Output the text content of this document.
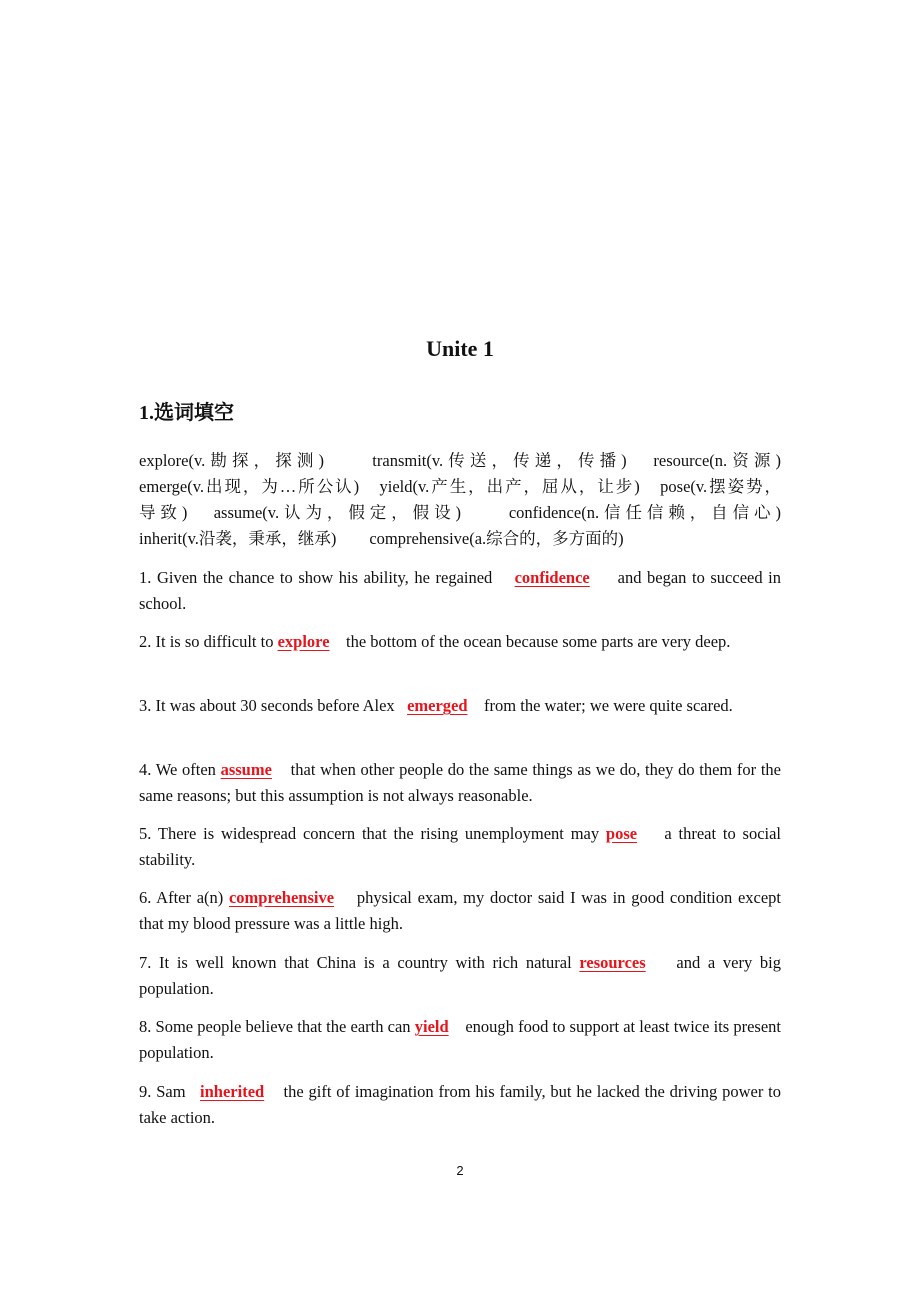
Unite 1
1.选词填空
explore(v.勘探，探测)　　transmit(v.传送，传递，传播)　resource(n.资源)
emerge(v.出现，为…所公认)　yield(v.产生，出产，屈从，让步)　pose(v.摆姿势，
导致)　assume(v.认为，假定，假设)　　confidence(n.信任信赖，自信心)
inherit(v.沿袭，秉承，继承)　　comprehensive(a.综合的，多方面的)
1. Given the chance to show his ability, he regained    confidence     and began to succeed in school.
2. It is so difficult to explore    the bottom of the ocean because some parts are very deep.
3. It was about 30 seconds before Alex   emerged    from the water; we were quite scared.
4. We often assume    that when other people do the same things as we do, they do them for the same reasons; but this assumption is not always reasonable.
5. There is widespread concern that the rising unemployment may pose    a threat to social stability.
6. After a(n) comprehensive    physical exam, my doctor said I was in good condition except that my blood pressure was a little high.
7. It is well known that China is a country with rich natural resources    and a very big population.
8. Some people believe that the earth can yield    enough food to support at least twice its present population.
9. Sam   inherited    the gift of imagination from his family, but he lacked the driving power to take action.
2
